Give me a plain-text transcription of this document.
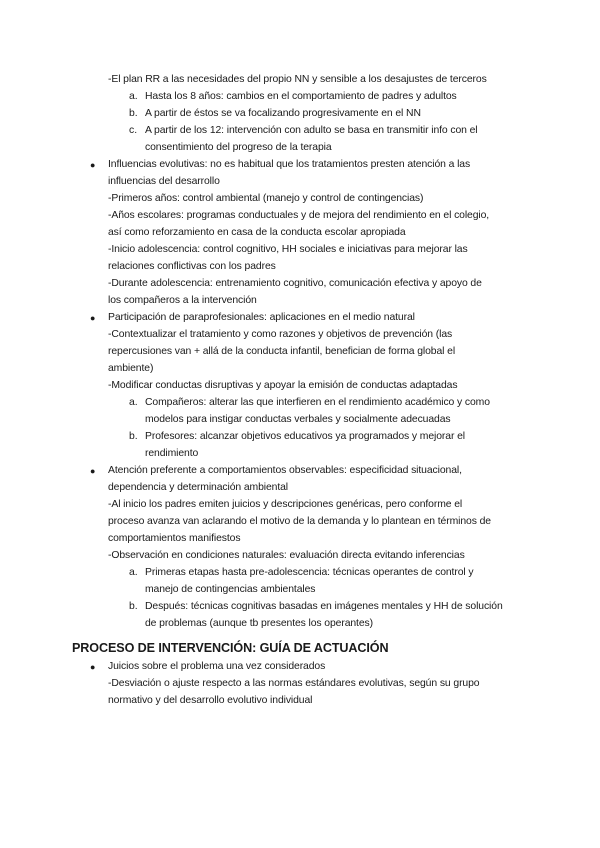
-El plan RR a las necesidades del propio NN y sensible a los desajustes de terceros
a. Hasta los 8 años: cambios en el comportamiento de padres y adultos
b. A partir de éstos se va focalizando progresivamente en el NN
c. A partir de los 12: intervención con adulto se basa en transmitir info con el
consentimiento del progreso de la terapia
● Influencias evolutivas: no es habitual que los tratamientos presten atención a las
influencias del desarrollo
-Primeros años: control ambiental (manejo y control de contingencias)
-Años escolares: programas conductuales y de mejora del rendimiento en el colegio,
así como reforzamiento en casa de la conducta escolar apropiada
-Inicio adolescencia: control cognitivo, HH sociales e iniciativas para mejorar las
relaciones conflictivas con los padres
-Durante adolescencia: entrenamiento cognitivo, comunicación efectiva y apoyo de
los compañeros a la intervención
● Participación de paraprofesionales: aplicaciones en el medio natural
-Contextualizar el tratamiento y como razones y objetivos de prevención (las
repercusiones van + allá de la conducta infantil, benefician de forma global el
ambiente)
-Modificar conductas disruptivas y apoyar la emisión de conductas adaptadas
a. Compañeros: alterar las que interfieren en el rendimiento académico y como
modelos para instigar conductas verbales y socialmente adecuadas
b. Profesores: alcanzar objetivos educativos ya programados y mejorar el
rendimiento
● Atención preferente a comportamientos observables: especificidad situacional,
dependencia y determinación ambiental
-Al inicio los padres emiten juicios y descripciones genéricas, pero conforme el
proceso avanza van aclarando el motivo de la demanda y lo plantean en términos de
comportamientos manifiestos
-Observación en condiciones naturales: evaluación directa evitando inferencias
a. Primeras etapas hasta pre-adolescencia: técnicas operantes de control y
manejo de contingencias ambientales
b. Después: técnicas cognitivas basadas en imágenes mentales y HH de solución
de problemas (aunque tb presentes los operantes)
PROCESO DE INTERVENCIÓN: GUÍA DE ACTUACIÓN
● Juicios sobre el problema una vez considerados
-Desviación o ajuste respecto a las normas estándares evolutivas, según su grupo
normativo y del desarrollo evolutivo individual
